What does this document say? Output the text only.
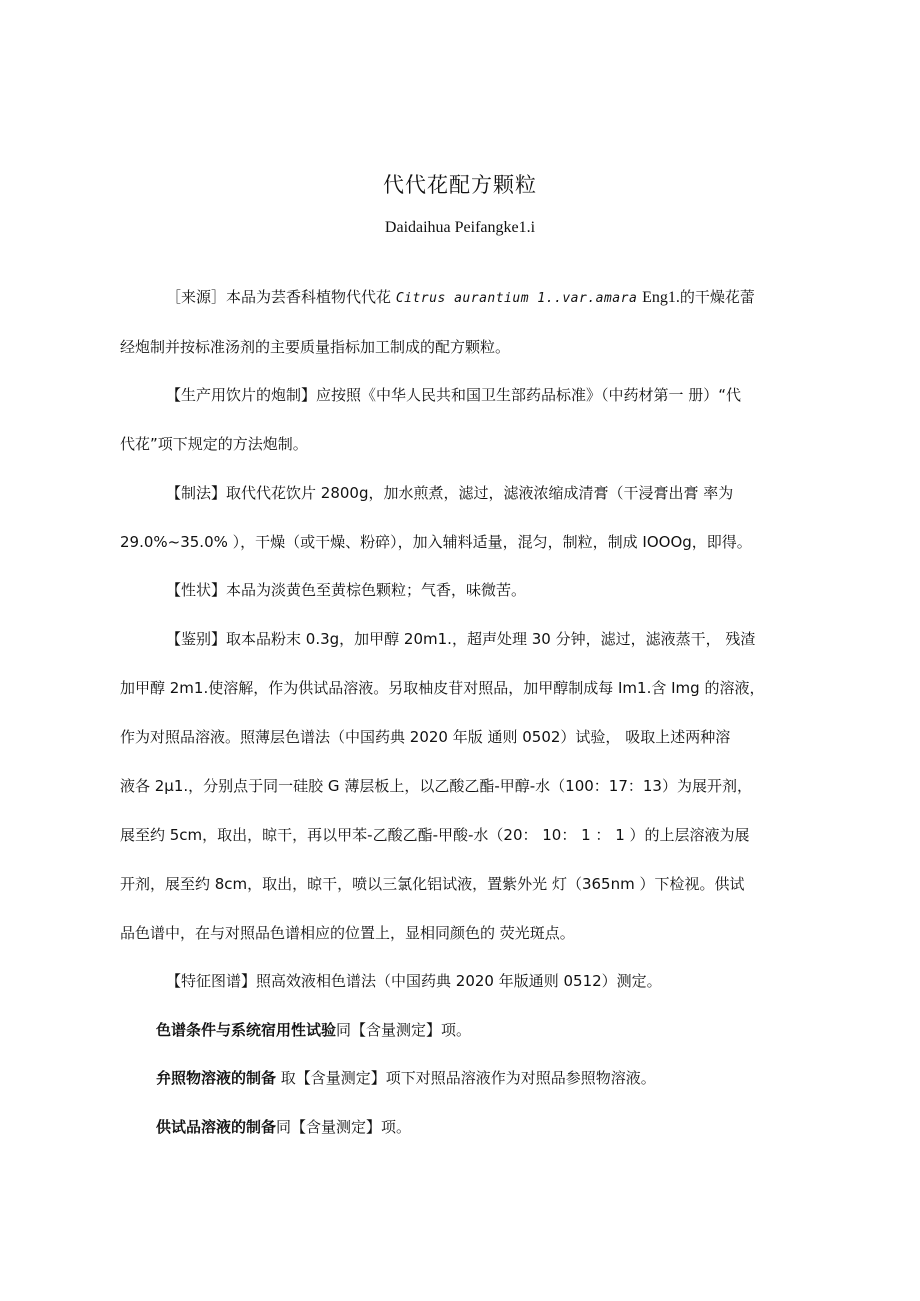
代代花配方颗粒
Daidaihua Peifangke1.i
［来源］本品为芸香科植物代代花 Citrus aurantium 1..var.amara Eng1.的干燥花蕾
经炮制并按标准汤剂的主要质量指标加工制成的配方颗粒。
【生产用饮片的炮制】应按照《中华人民共和国卫生部药品标准》（中药材第一 册）“代
代花”项下规定的方法炮制。
【制法】取代代花饮片 2800g，加水煎煮，滤过，滤液浓缩成清膏（干浸膏出膏 率为
29.0%~35.0% ），干燥（或干燥、粉碎），加入辅料适量，混匀，制粒，制成 IOOOg，即得。
【性状】本品为淡黄色至黄棕色颗粒；气香，味微苦。
【鉴别】取本品粉末 0.3g，加甲醇 20m1.，超声处理 30 分钟，滤过，滤液蒸干， 残渣
加甲醇 2m1.使溶解，作为供试品溶液。另取柚皮苷对照品，加甲醇制成每 Im1.含 Img 的溶液，
作为对照品溶液。照薄层色谱法（中国药典 2020 年版 通则 0502）试验， 吸取上述两种溶
液各 2μ1.，分别点于同一硅胶 G 薄层板上，以乙酸乙酯-甲醇-水（100：17：13）为展开剂，
展至约 5cm，取出，晾干，再以甲苯-乙酸乙酯-甲酸-水（20： 10： 1 ： 1 ）的上层溶液为展
开剂，展至约 8cm，取出，晾干，喷以三氯化铝试液，置紫外光 灯（365nm ）下检视。供试
品色谱中，在与对照品色谱相应的位置上，显相同颜色的 荧光斑点。
【特征图谱】照高效液相色谱法（中国药典 2020 年版通则 0512）测定。
色谱条件与系统宿用性试验同【含量测定】项。
弁照物溶液的制备 取【含量测定】项下对照品溶液作为对照品参照物溶液。
供试品溶液的制备同【含量测定】项。
